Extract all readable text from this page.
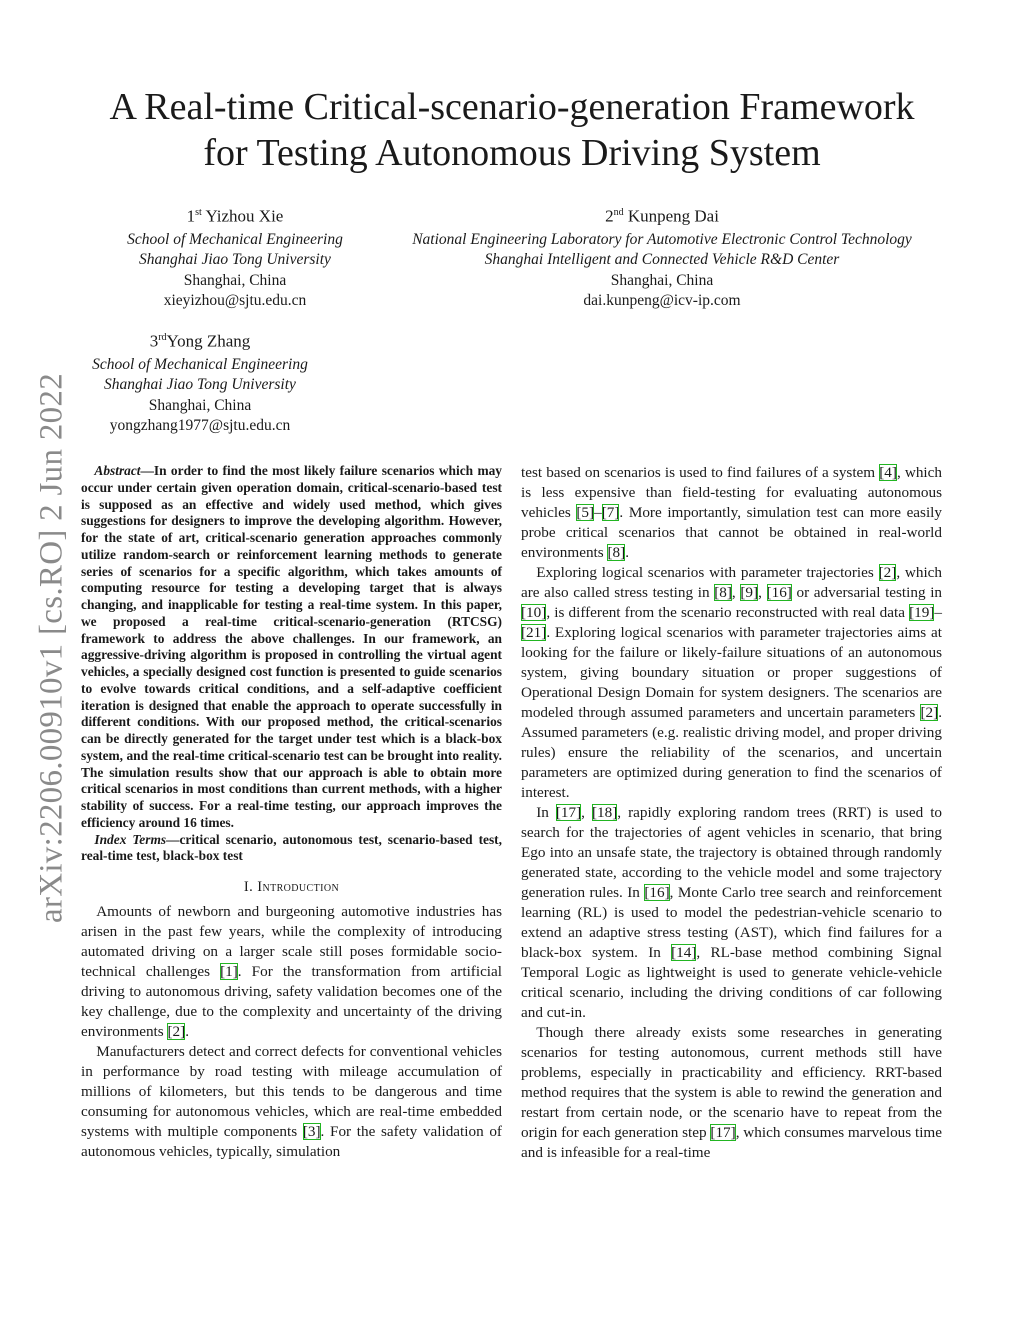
arXiv:2206.00910v1 [cs.RO] 2 Jun 2022
A Real-time Critical-scenario-generation Framework
for Testing Autonomous Driving System
1st Yizhou Xie
School of Mechanical Engineering
Shanghai Jiao Tong University
Shanghai, China
xieyizhou@sjtu.edu.cn
2nd Kunpeng Dai
National Engineering Laboratory for Automotive Electronic Control Technology
Shanghai Intelligent and Connected Vehicle R&D Center
Shanghai, China
dai.kunpeng@icv-ip.com
3rdYong Zhang
School of Mechanical Engineering
Shanghai Jiao Tong University
Shanghai, China
yongzhang1977@sjtu.edu.cn

Abstract—In order to find the most likely failure scenarios which may occur under certain given operation domain, critical-scenario-based test is supposed as an effective and widely used method, which gives suggestions for designers to improve the developing algorithm. However, for the state of art, critical-scenario generation approaches commonly utilize random-search or reinforcement learning methods to generate series of scenarios for a specific algorithm, which takes amounts of computing resource for testing a developing target that is always changing, and inapplicable for testing a real-time system. In this paper, we proposed a real-time critical-scenario-generation (RTCSG) framework to address the above challenges. In our framework, an aggressive-driving algorithm is proposed in controlling the virtual agent vehicles, a specially designed cost function is presented to guide scenarios to evolve towards critical conditions, and a self-adaptive coefficient iteration is designed that enable the approach to operate successfully in different conditions. With our proposed method, the critical-scenarios can be directly generated for the target under test which is a black-box system, and the real-time critical-scenario test can be brought into reality. The simulation results show that our approach is able to obtain more critical scenarios in most conditions than current methods, with a higher stability of success. For a real-time testing, our approach improves the efficiency around 16 times.

Index Terms—critical scenario, autonomous test, scenario-based test, real-time test, black-box test

I. Introduction

Amounts of newborn and burgeoning automotive industries has arisen in the past few years, while the complexity of introducing automated driving on a larger scale still poses formidable socio-technical challenges [1]. For the transformation from artificial driving to autonomous driving, safety validation becomes one of the key challenge, due to the complexity and uncertainty of the driving environments [2].

Manufacturers detect and correct defects for conventional vehicles in performance by road testing with mileage accumulation of millions of kilometers, but this tends to be dangerous and time consuming for autonomous vehicles, which are real-time embedded systems with multiple components [3]. For the safety validation of autonomous vehicles, typically, simulation

test based on scenarios is used to find failures of a system [4], which is less expensive than field-testing for evaluating autonomous vehicles [5]–[7]. More importantly, simulation test can more easily probe critical scenarios that cannot be obtained in real-world environments [8].

Exploring logical scenarios with parameter trajectories [2], which are also called stress testing in [8], [9], [16] or adversarial testing in [10], is different from the scenario reconstructed with real data [19]–[21]. Exploring logical scenarios with parameter trajectories aims at looking for the failure or likely-failure situations of an autonomous system, giving boundary situation or proper suggestions of Operational Design Domain for system designers. The scenarios are modeled through assumed parameters and uncertain parameters [2]. Assumed parameters (e.g. realistic driving model, and proper driving rules) ensure the reliability of the scenarios, and uncertain parameters are optimized during generation to find the scenarios of interest.

In [17], [18], rapidly exploring random trees (RRT) is used to search for the trajectories of agent vehicles in scenario, that bring Ego into an unsafe state, the trajectory is obtained through randomly generated state, according to the vehicle model and some trajectory generation rules. In [16], Monte Carlo tree search and reinforcement learning (RL) is used to model the pedestrian-vehicle scenario to extend an adaptive stress testing (AST), which find failures for a black-box system. In [14], RL-base method combining Signal Temporal Logic as lightweight is used to generate vehicle-vehicle critical scenario, including the driving conditions of car following and cut-in.

Though there already exists some researches in generating scenarios for testing autonomous, current methods still have problems, especially in practicability and efficiency. RRT-based method requires that the system is able to rewind the generation and restart from certain node, or the scenario have to repeat from the origin for each generation step [17], which consumes marvelous time and is infeasible for a real-time
